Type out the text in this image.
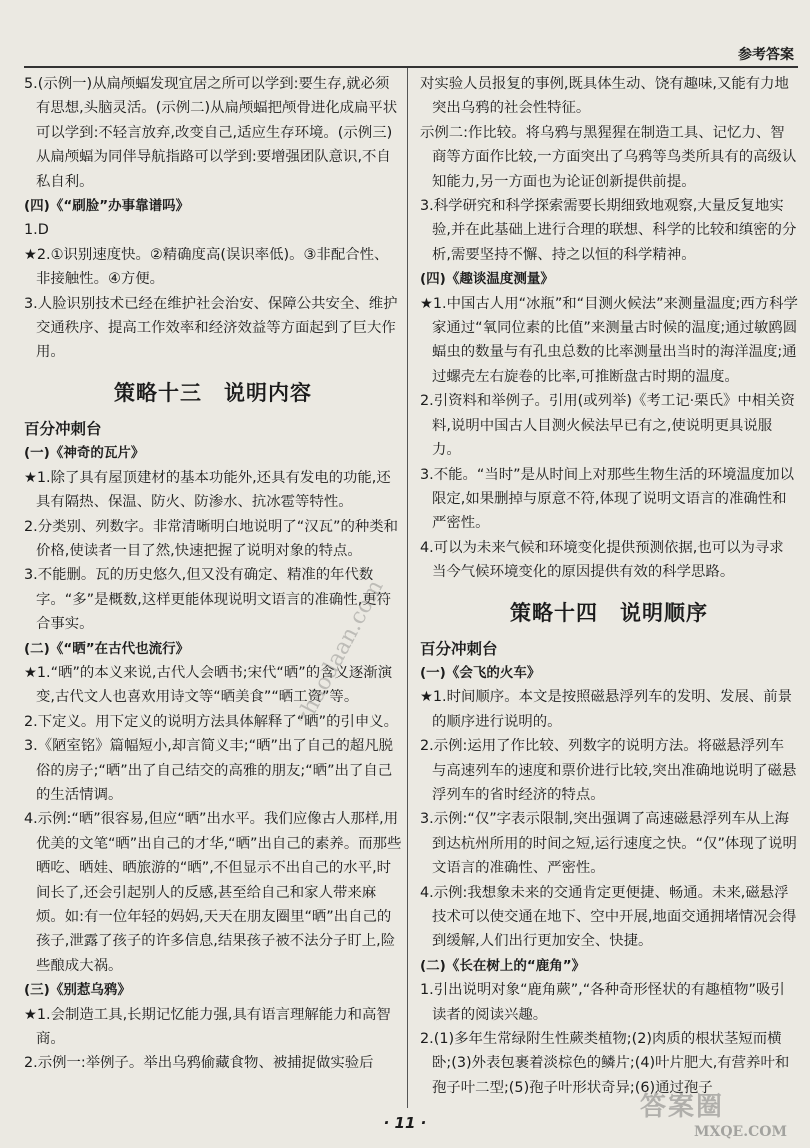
参考答案

5.(示例一)从扁颅蝠发现宜居之所可以学到:要生存,就必须有思想,头脑灵活。(示例二)从扁颅蝠把颅骨进化成扁平状可以学到:不轻言放弃,改变自己,适应生存环境。(示例三)从扁颅蝠为同伴导航指路可以学到:要增强团队意识,不自私自利。

(四)《“刷脸”办事靠谱吗》

1.D

★2.①识别速度快。②精确度高(误识率低)。③非配合性、非接触性。④方便。

3.人脸识别技术已经在维护社会治安、保障公共安全、维护交通秩序、提高工作效率和经济效益等方面起到了巨大作用。

策略十三　说明内容

百分冲刺台

(一)《神奇的瓦片》

★1.除了具有屋顶建材的基本功能外,还具有发电的功能,还具有隔热、保温、防火、防渗水、抗冰雹等特性。

2.分类别、列数字。非常清晰明白地说明了“汉瓦”的种类和价格,使读者一目了然,快速把握了说明对象的特点。

3.不能删。瓦的历史悠久,但又没有确定、精准的年代数字。“多”是概数,这样更能体现说明文语言的准确性,更符合事实。

(二)《“晒”在古代也流行》

★1.“晒”的本义来说,古代人会晒书;宋代“晒”的含义逐渐演变,古代文人也喜欢用诗文等“晒美食”“晒工资”等。

2.下定义。用下定义的说明方法具体解释了“晒”的引申义。

3.《陋室铭》篇幅短小,却言简义丰;“晒”出了自己的超凡脱俗的房子;“晒”出了自己结交的高雅的朋友;“晒”出了自己的生活情调。

4.示例:“晒”很容易,但应“晒”出水平。我们应像古人那样,用优美的文笔“晒”出自己的才华,“晒”出自己的素养。而那些晒吃、晒娃、晒旅游的“晒”,不但显示不出自己的水平,时间长了,还会引起别人的反感,甚至给自己和家人带来麻烦。如:有一位年轻的妈妈,天天在朋友圈里“晒”出自己的孩子,泄露了孩子的许多信息,结果孩子被不法分子盯上,险些酿成大祸。

(三)《别惹乌鸦》

★1.会制造工具,长期记忆能力强,具有语言理解能力和高智商。

2.示例一:举例子。举出乌鸦偷藏食物、被捕捉做实验后

对实验人员报复的事例,既具体生动、饶有趣味,又能有力地突出乌鸦的社会性特征。

示例二:作比较。将乌鸦与黑猩猩在制造工具、记忆力、智商等方面作比较,一方面突出了乌鸦等鸟类所具有的高级认知能力,另一方面也为论证创新提供前提。

3.科学研究和科学探索需要长期细致地观察,大量反复地实验,并在此基础上进行合理的联想、科学的比较和缜密的分析,需要坚持不懈、持之以恒的科学精神。

(四)《趣谈温度测量》

★1.中国古人用“冰瓶”和“目测火候法”来测量温度;西方科学家通过“氧同位素的比值”来测量古时候的温度;通过敏鸥圆蝠虫的数量与有孔虫总数的比率测量出当时的海洋温度;通过螺壳左右旋卷的比率,可推断盘古时期的温度。

2.引资料和举例子。引用(或列举)《考工记·栗氏》中相关资料,说明中国古人目测火候法早已有之,使说明更具说服力。

3.不能。“当时”是从时间上对那些生物生活的环境温度加以限定,如果删掉与原意不符,体现了说明文语言的准确性和严密性。

4.可以为未来气候和环境变化提供预测依据,也可以为寻求当今气候环境变化的原因提供有效的科学思路。

策略十四　说明顺序

百分冲刺台

(一)《会飞的火车》

★1.时间顺序。本文是按照磁悬浮列车的发明、发展、前景的顺序进行说明的。

2.示例:运用了作比较、列数字的说明方法。将磁悬浮列车与高速列车的速度和票价进行比较,突出准确地说明了磁悬浮列车的省时经济的特点。

3.示例:“仅”字表示限制,突出强调了高速磁悬浮列车从上海到达杭州所用的时间之短,运行速度之快。“仅”体现了说明文语言的准确性、严密性。

4.示例:我想象未来的交通肯定更便捷、畅通。未来,磁悬浮技术可以使交通在地下、空中开展,地面交通拥堵情况会得到缓解,人们出行更加安全、快捷。

(二)《长在树上的“鹿角”》

1.引出说明对象“鹿角蕨”,“各种奇形怪状的有趣植物”吸引读者的阅读兴趣。

2.(1)多年生常绿附生性蕨类植物;(2)肉质的根状茎短而横卧;(3)外表包裹着淡棕色的鳞片;(4)叶片肥大,有营养叶和孢子叶二型;(5)孢子叶形状奇异;(6)通过孢子

· 11 ·
zhaodaan.com
答案圈
MXQE.COM
